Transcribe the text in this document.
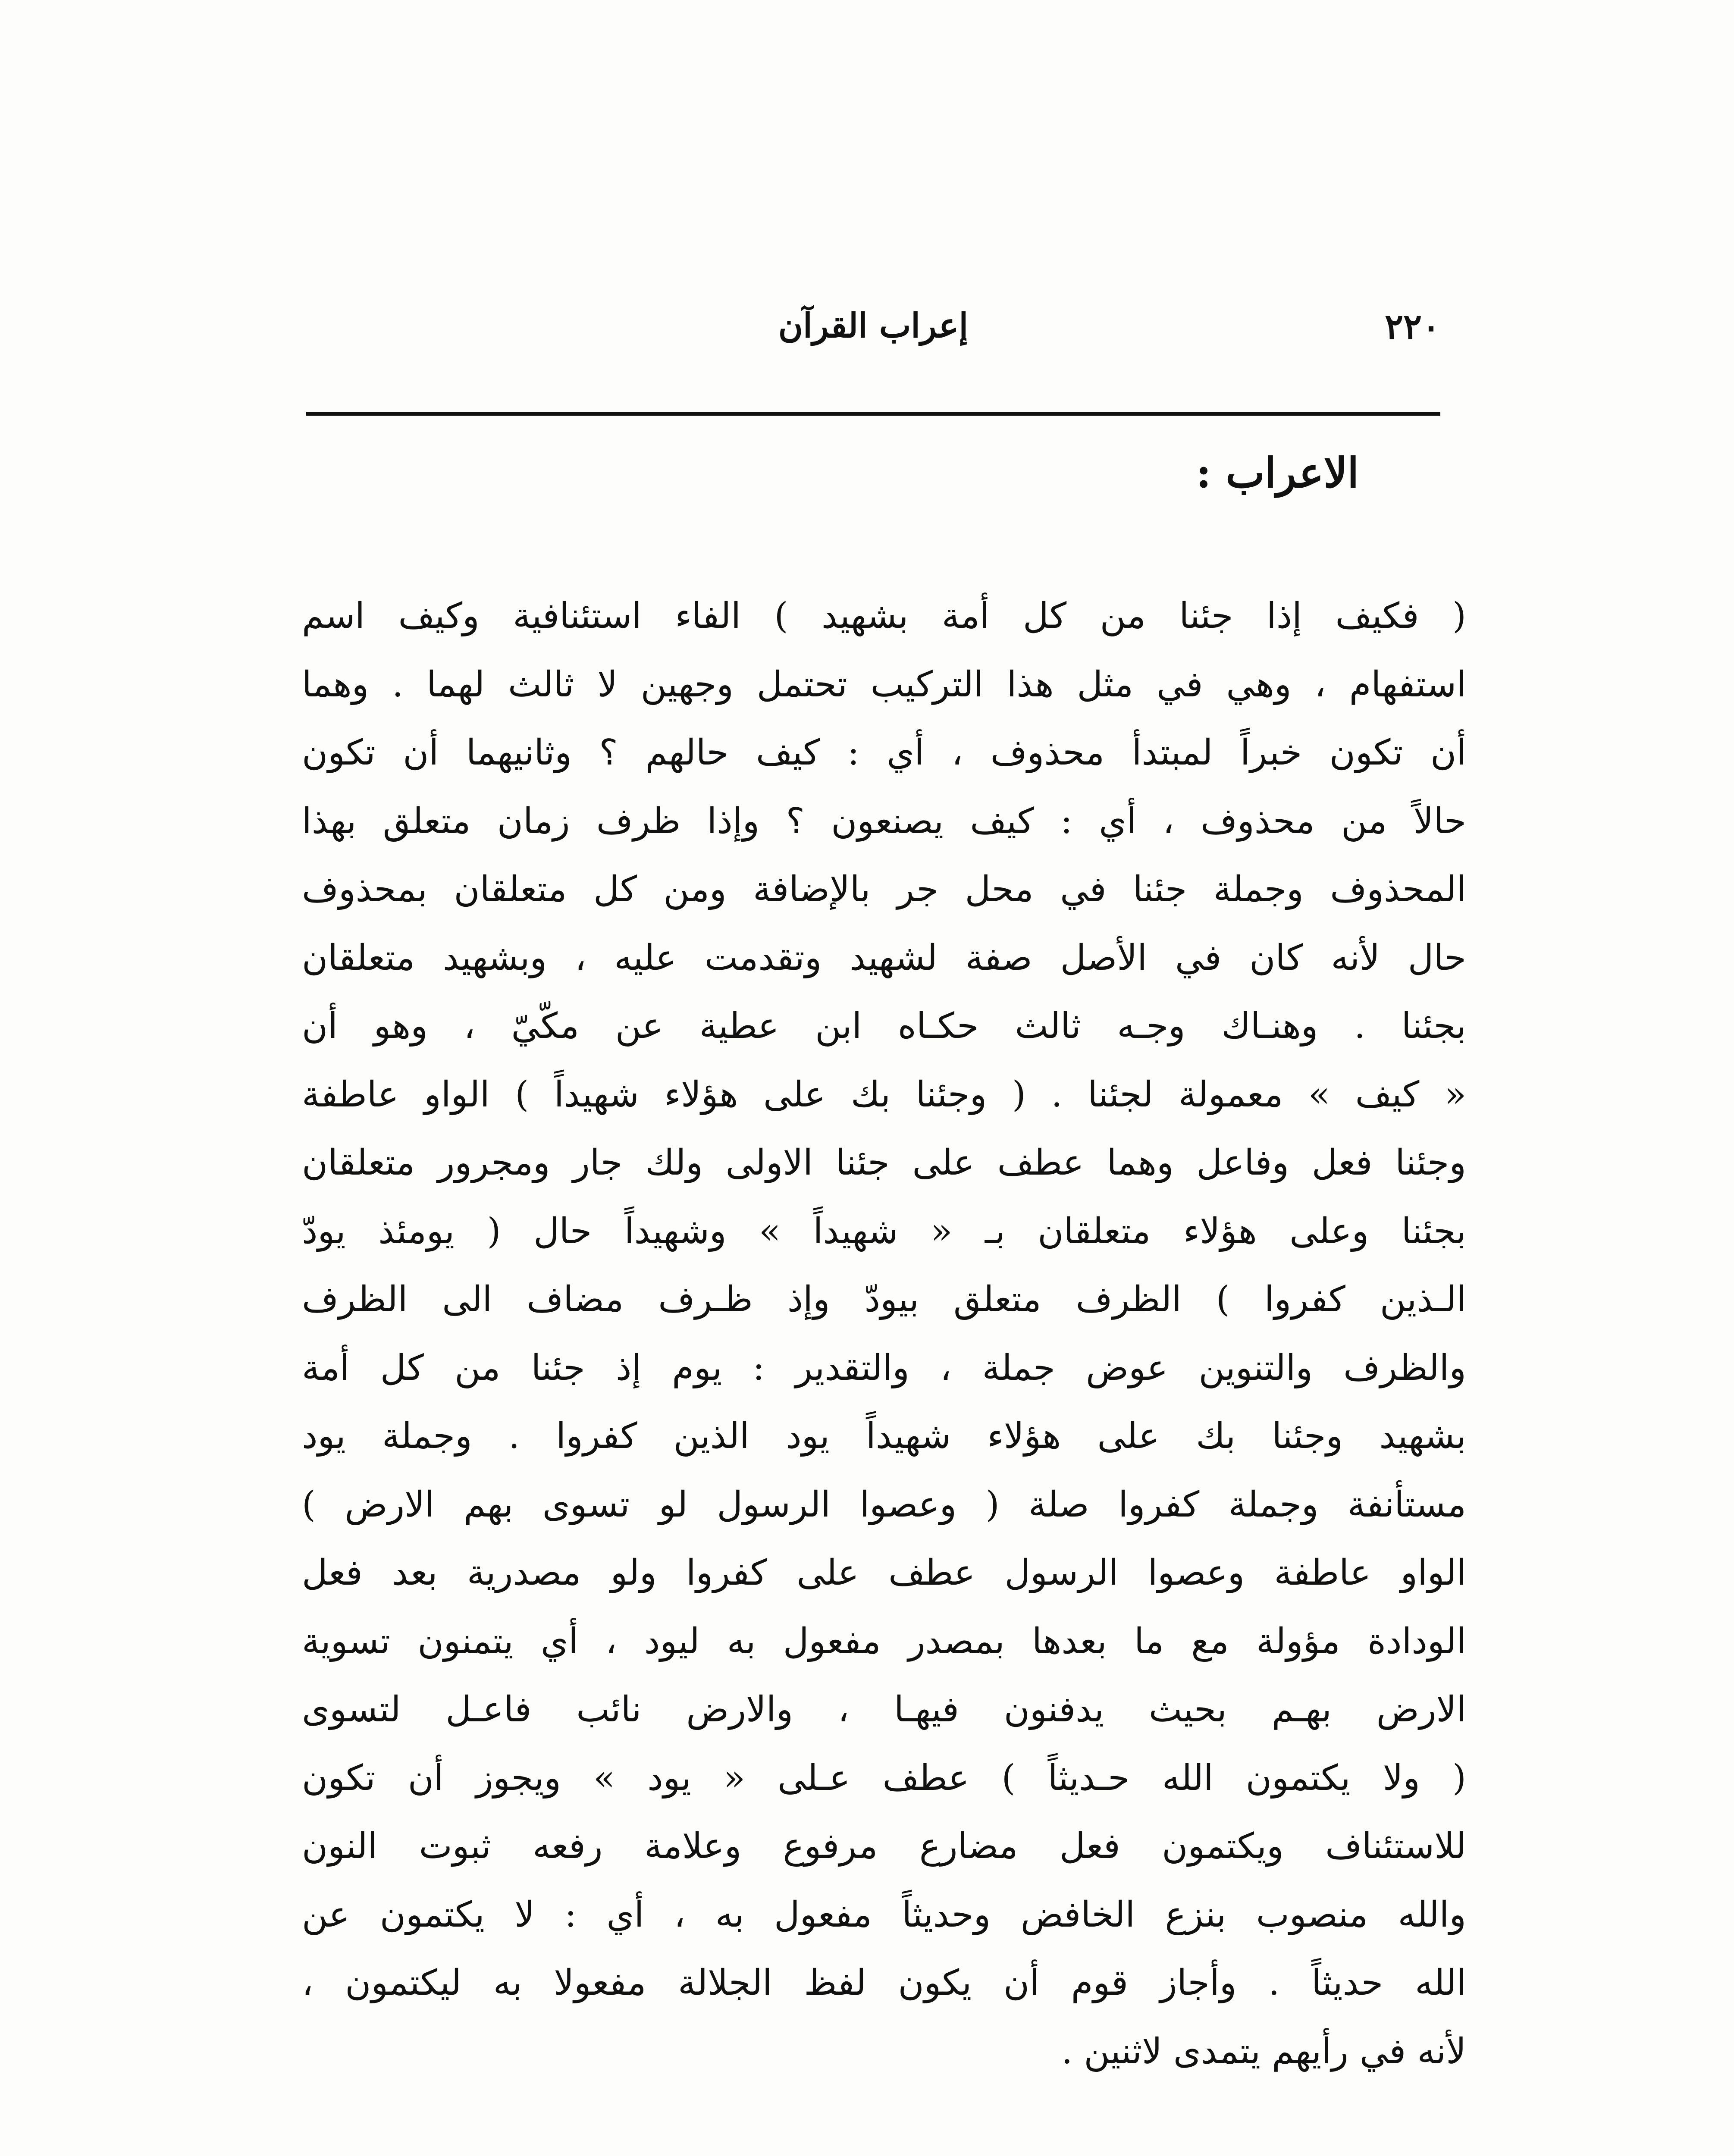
٢٢٠
إعراب القرآن
الاعراب :
( فكيف إذا جئنا من كل أمة بشهيد ) الفاء استئنافية وكيف اسم
استفهام ، وهي في مثل هذا التركيب تحتمل وجهين لا ثالث لهما . وهما
أن تكون خبراً لمبتدأ محذوف ، أي : كيف حالهم ؟ وثانيهما أن تكون
حالاً من محذوف ، أي : كيف يصنعون ؟ وإذا ظرف زمان متعلق بهذا
المحذوف وجملة جئنا في محل جر بالإضافة ومن كل متعلقان بمحذوف
حال لأنه كان في الأصل صفة لشهيد وتقدمت عليه ، وبشهيد متعلقان
بجئنا . وهنـاك وجـه ثالث حكـاه ابن عطية عن مكّيّ ، وهو أن
« كيف » معمولة لجئنا . ( وجئنا بك على هؤلاء شهيداً ) الواو عاطفة
وجئنا فعل وفاعل وهما عطف على جئنا الاولى ولك جار ومجرور متعلقان
بجئنا وعلى هؤلاء متعلقان بـ « شهيداً » وشهيداً حال ( يومئذ يودّ
الـذين كفروا ) الظرف متعلق بيودّ وإذ ظـرف مضاف الى الظرف
والظرف والتنوين عوض جملة ، والتقدير : يوم إذ جئنا من كل أمة
بشهيد وجئنا بك على هؤلاء شهيداً يود الذين كفروا . وجملة يود
مستأنفة وجملة كفروا صلة ( وعصوا الرسول لو تسوى بهم الارض )
الواو عاطفة وعصوا الرسول عطف على كفروا ولو مصدرية بعد فعل
الودادة مؤولة مع ما بعدها بمصدر مفعول به ليود ، أي يتمنون تسوية
الارض بهـم بحيث يدفنون فيهـا ، والارض نائب فاعـل لتسوى
( ولا يكتمون الله حـديثاً ) عطف عـلى « يود » ويجوز أن تكون
للاستئناف ويكتمون فعل مضارع مرفوع وعلامة رفعه ثبوت النون
والله منصوب بنزع الخافض وحديثاً مفعول به ، أي : لا يكتمون عن
الله حديثاً . وأجاز قوم أن يكون لفظ الجلالة مفعولا به ليكتمون ،
لأنه في رأيهم يتمدى لاثنين .
